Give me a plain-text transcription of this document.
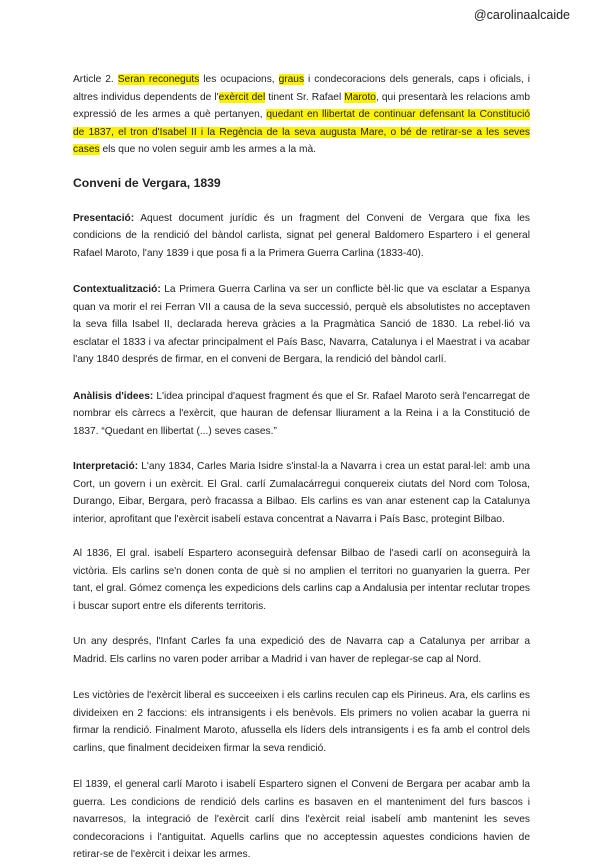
@carolinaalcaide

Article 2. Seran reconeguts les ocupacions, graus i condecoracions dels generals, caps i oficials, i altres individus dependents de l'exèrcit del tinent Sr. Rafael Maroto, qui presentarà les relacions amb expressió de les armes a què pertanyen, quedant en llibertat de continuar defensant la Constitució de 1837, el tron d'Isabel II i la Regència de la seva augusta Mare, o bé de retirar-se a les seves cases els que no volen seguir amb les armes a la mà.

Conveni de Vergara, 1839

Presentació: Aquest document jurídic és un fragment del Conveni de Vergara que fixa les condicions de la rendició del bàndol carlista, signat pel general Baldomero Espartero i el general Rafael Maroto, l'any 1839 i que posa fi a la Primera Guerra Carlina (1833-40).

Contextualització: La Primera Guerra Carlina va ser un conflicte bèl·lic que va esclatar a Espanya quan va morir el rei Ferran VII a causa de la seva successió, perquè els absolutistes no acceptaven la seva filla Isabel II, declarada hereva gràcies a la Pragmàtica Sanció de 1830. La rebel·lió va esclatar el 1833 i va afectar principalment el País Basc, Navarra, Catalunya i el Maestrat i va acabar l'any 1840 després de firmar, en el conveni de Bergara, la rendició del bàndol carlí.

Anàlisis d'idees: L'idea principal d'aquest fragment és que el Sr. Rafael Maroto serà l'encarregat de nombrar els càrrecs a l'exèrcit, que hauran de defensar lliurament a la Reina i a la Constitució de 1837. “Quedant en llibertat (...) seves cases.”

Interpretació: L'any 1834, Carles Maria Isidre s'instal·la a Navarra i crea un estat paral·lel: amb una Cort, un govern i un exèrcit. El Gral. carlí Zumalacárregui conquereix ciutats del Nord com Tolosa, Durango, Eibar, Bergara, però fracassa a Bilbao. Els carlins es van anar estenent cap la Catalunya interior, aprofitant que l'exèrcit isabelí estava concentrat a Navarra i País Basc, protegint Bilbao.

Al 1836, El gral. isabelí Espartero aconseguirà defensar Bilbao de l'asedi carlí on aconseguirà la victòria. Els carlins se'n donen conta de què si no amplien el territori no guanyarien la guerra. Per tant, el gral. Gómez comença les expedicions dels carlins cap a Andalusia per intentar reclutar tropes i buscar suport entre els diferents territoris.

Un any després, l'Infant Carles fa una expedició des de Navarra cap a Catalunya per arribar a Madrid. Els carlins no varen poder arribar a Madrid i van haver de replegar-se cap al Nord.

Les victòries de l'exèrcit liberal es succeeixen i els carlins reculen cap els Pirineus. Ara, els carlins es divideixen en 2 faccions: els intransigents i els benèvols. Els primers no volien acabar la guerra ni firmar la rendició. Finalment Maroto, afussella els líders dels intransigents i es fa amb el control dels carlins, que finalment decideixen firmar la seva rendició.

El 1839, el general carlí Maroto i isabelí Espartero signen el Conveni de Bergara per acabar amb la guerra. Les condicions de rendició dels carlins es basaven en el manteniment del furs bascos i navarresos, la integració de l'exèrcit carlí dins l'exèrcit reial isabelí amb mantenint les seves condecoracions i l'antiguitat. Aquells carlins que no acceptessin aquestes condicions havien de retirar-se de l'exèrcit i deixar les armes.
